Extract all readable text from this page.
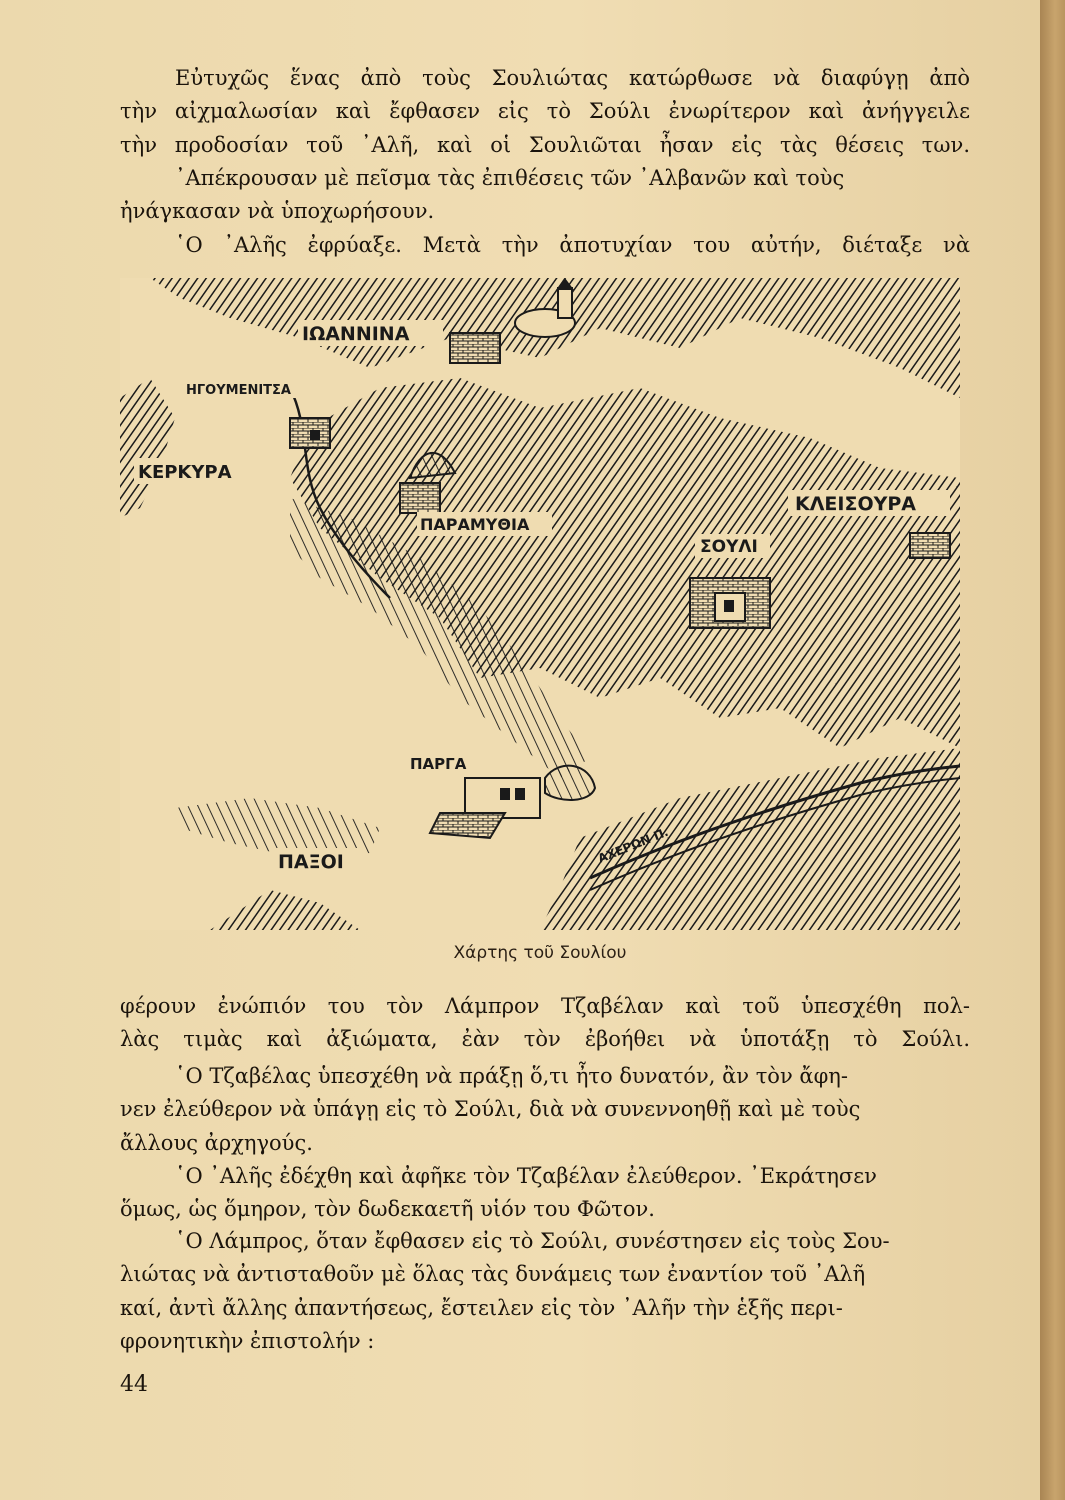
Εὐτυχῶς ἕνας ἀπὸ τοὺς Σουλιώτας κατώρθωσε νὰ διαφύγῃ ἀπὸ
τὴν αἰχμαλωσίαν καὶ ἔφθασεν εἰς τὸ Σούλι ἐνωρίτερον καὶ ἀνήγγειλε
τὴν προδοσίαν τοῦ ᾿Αλῆ, καὶ οἱ Σουλιῶται ἦσαν εἰς τὰς θέσεις των.

᾿Απέκρουσαν μὲ πεῖσμα τὰς ἐπιθέσεις τῶν ᾿Αλβανῶν καὶ τοὺς
ἠνάγκασαν νὰ ὑποχωρήσουν.

῾Ο ᾿Αλῆς ἐφρύαξε. Μετὰ τὴν ἀποτυχίαν του αὐτήν, διέταξε νὰ

ΙΩΑΝΝΙΝΑ
ΗΓΟΥΜΕΝΙΤΣΑ
ΚΕΡΚΥΡΑ
ΠΑΡΑΜΥΘΙΑ
ΚΛΕΙΣΟΥΡΑ
ΣΟΥΛΙ
ΠΑΡΓΑ
ΠΑΞΟΙ	ΑΧΕΡΩΝ Π.
Χάρτης τοῦ Σουλίου

φέρουν ἐνώπιόν του τὸν Λάμπρον Τζαβέλαν καὶ τοῦ ὑπεσχέθη πολ-
λὰς τιμὰς καὶ ἀξιώματα, ἐὰν τὸν ἐβοήθει νὰ ὑποτάξῃ τὸ Σούλι.

῾Ο Τζαβέλας ὑπεσχέθη νὰ πράξῃ ὅ,τι ἦτο δυνατόν, ἂν τὸν ἄφη-
νεν ἐλεύθερον νὰ ὑπάγῃ εἰς τὸ Σούλι, διὰ νὰ συνεννοηθῇ καὶ μὲ τοὺς
ἄλλους ἀρχηγούς.

῾Ο ᾿Αλῆς ἐδέχθη καὶ ἀφῆκε τὸν Τζαβέλαν ἐλεύθερον. ᾿Εκράτησεν
ὅμως, ὡς ὅμηρον, τὸν δωδεκαετῆ υἱόν του Φῶτον.

῾Ο Λάμπρος, ὅταν ἔφθασεν εἰς τὸ Σούλι, συνέστησεν εἰς τοὺς Σου-
λιώτας νὰ ἀντισταθοῦν μὲ ὅλας τὰς δυνάμεις των ἐναντίον τοῦ ᾿Αλῆ
καί, ἀντὶ ἄλλης ἀπαντήσεως, ἔστειλεν εἰς τὸν ᾿Αλῆν τὴν ἑξῆς περι-
φρονητικὴν ἐπιστολήν :

44
